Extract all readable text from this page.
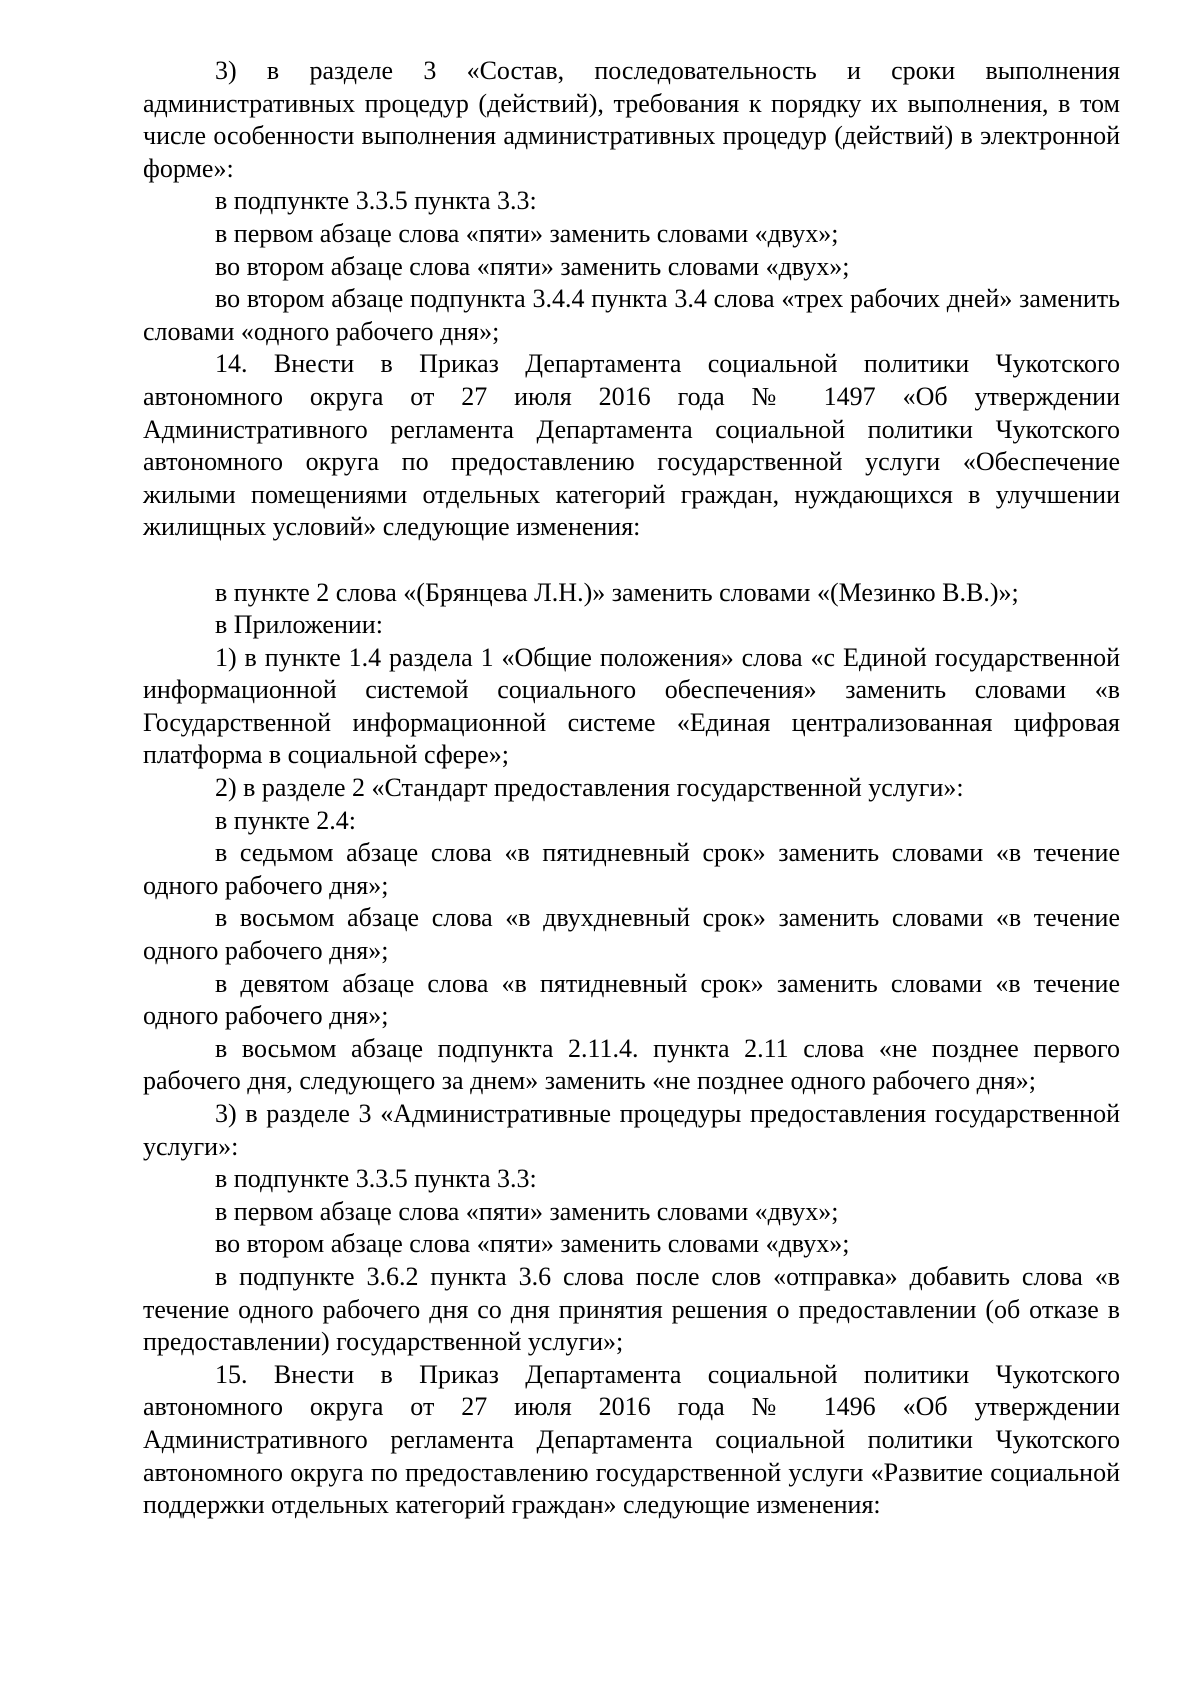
3) в разделе 3 «Состав, последовательность и сроки выполнения административных процедур (действий), требования к порядку их выполнения, в том числе особенности выполнения административных процедур (действий) в электронной форме»:

в подпункте 3.3.5 пункта 3.3:

в первом абзаце слова «пяти» заменить словами «двух»;

во втором абзаце слова «пяти» заменить словами «двух»;

во втором абзаце подпункта 3.4.4 пункта 3.4 слова «трех рабочих дней» заменить словами «одного рабочего дня»;

14. Внести в Приказ Департамента социальной политики Чукотского автономного округа от 27 июля 2016 года № 1497 «Об утверждении Административного регламента Департамента социальной политики Чукотского автономного округа по предоставлению государственной услуги «Обеспечение жилыми помещениями отдельных категорий граждан, нуждающихся в улучшении жилищных условий» следующие изменения:

в пункте 2 слова «(Брянцева Л.Н.)» заменить словами «(Мезинко В.В.)»;

в Приложении:

1) в пункте 1.4 раздела 1 «Общие положения» слова «с Единой государственной информационной системой социального обеспечения» заменить словами «в Государственной информационной системе «Единая централизованная цифровая платформа в социальной сфере»;

2) в разделе 2 «Стандарт предоставления государственной услуги»:

в пункте 2.4:

в седьмом абзаце слова «в пятидневный срок» заменить словами «в течение одного рабочего дня»;

в восьмом абзаце слова «в двухдневный срок» заменить словами «в течение одного рабочего дня»;

в девятом абзаце слова «в пятидневный срок» заменить словами «в течение одного рабочего дня»;

в восьмом абзаце подпункта 2.11.4. пункта 2.11 слова «не позднее первого рабочего дня, следующего за днем» заменить «не позднее одного рабочего дня»;

3) в разделе 3 «Административные процедуры предоставления государственной услуги»:

в подпункте 3.3.5 пункта 3.3:

в первом абзаце слова «пяти» заменить словами «двух»;

во втором абзаце слова «пяти» заменить словами «двух»;

в подпункте 3.6.2 пункта 3.6 слова после слов «отправка» добавить слова «в течение одного рабочего дня со дня принятия решения о предоставлении (об отказе в предоставлении) государственной услуги»;

15. Внести в Приказ Департамента социальной политики Чукотского автономного округа от 27 июля 2016 года № 1496 «Об утверждении Административного регламента Департамента социальной политики Чукотского автономного округа по предоставлению государственной услуги «Развитие социальной поддержки отдельных категорий граждан» следующие изменения:
